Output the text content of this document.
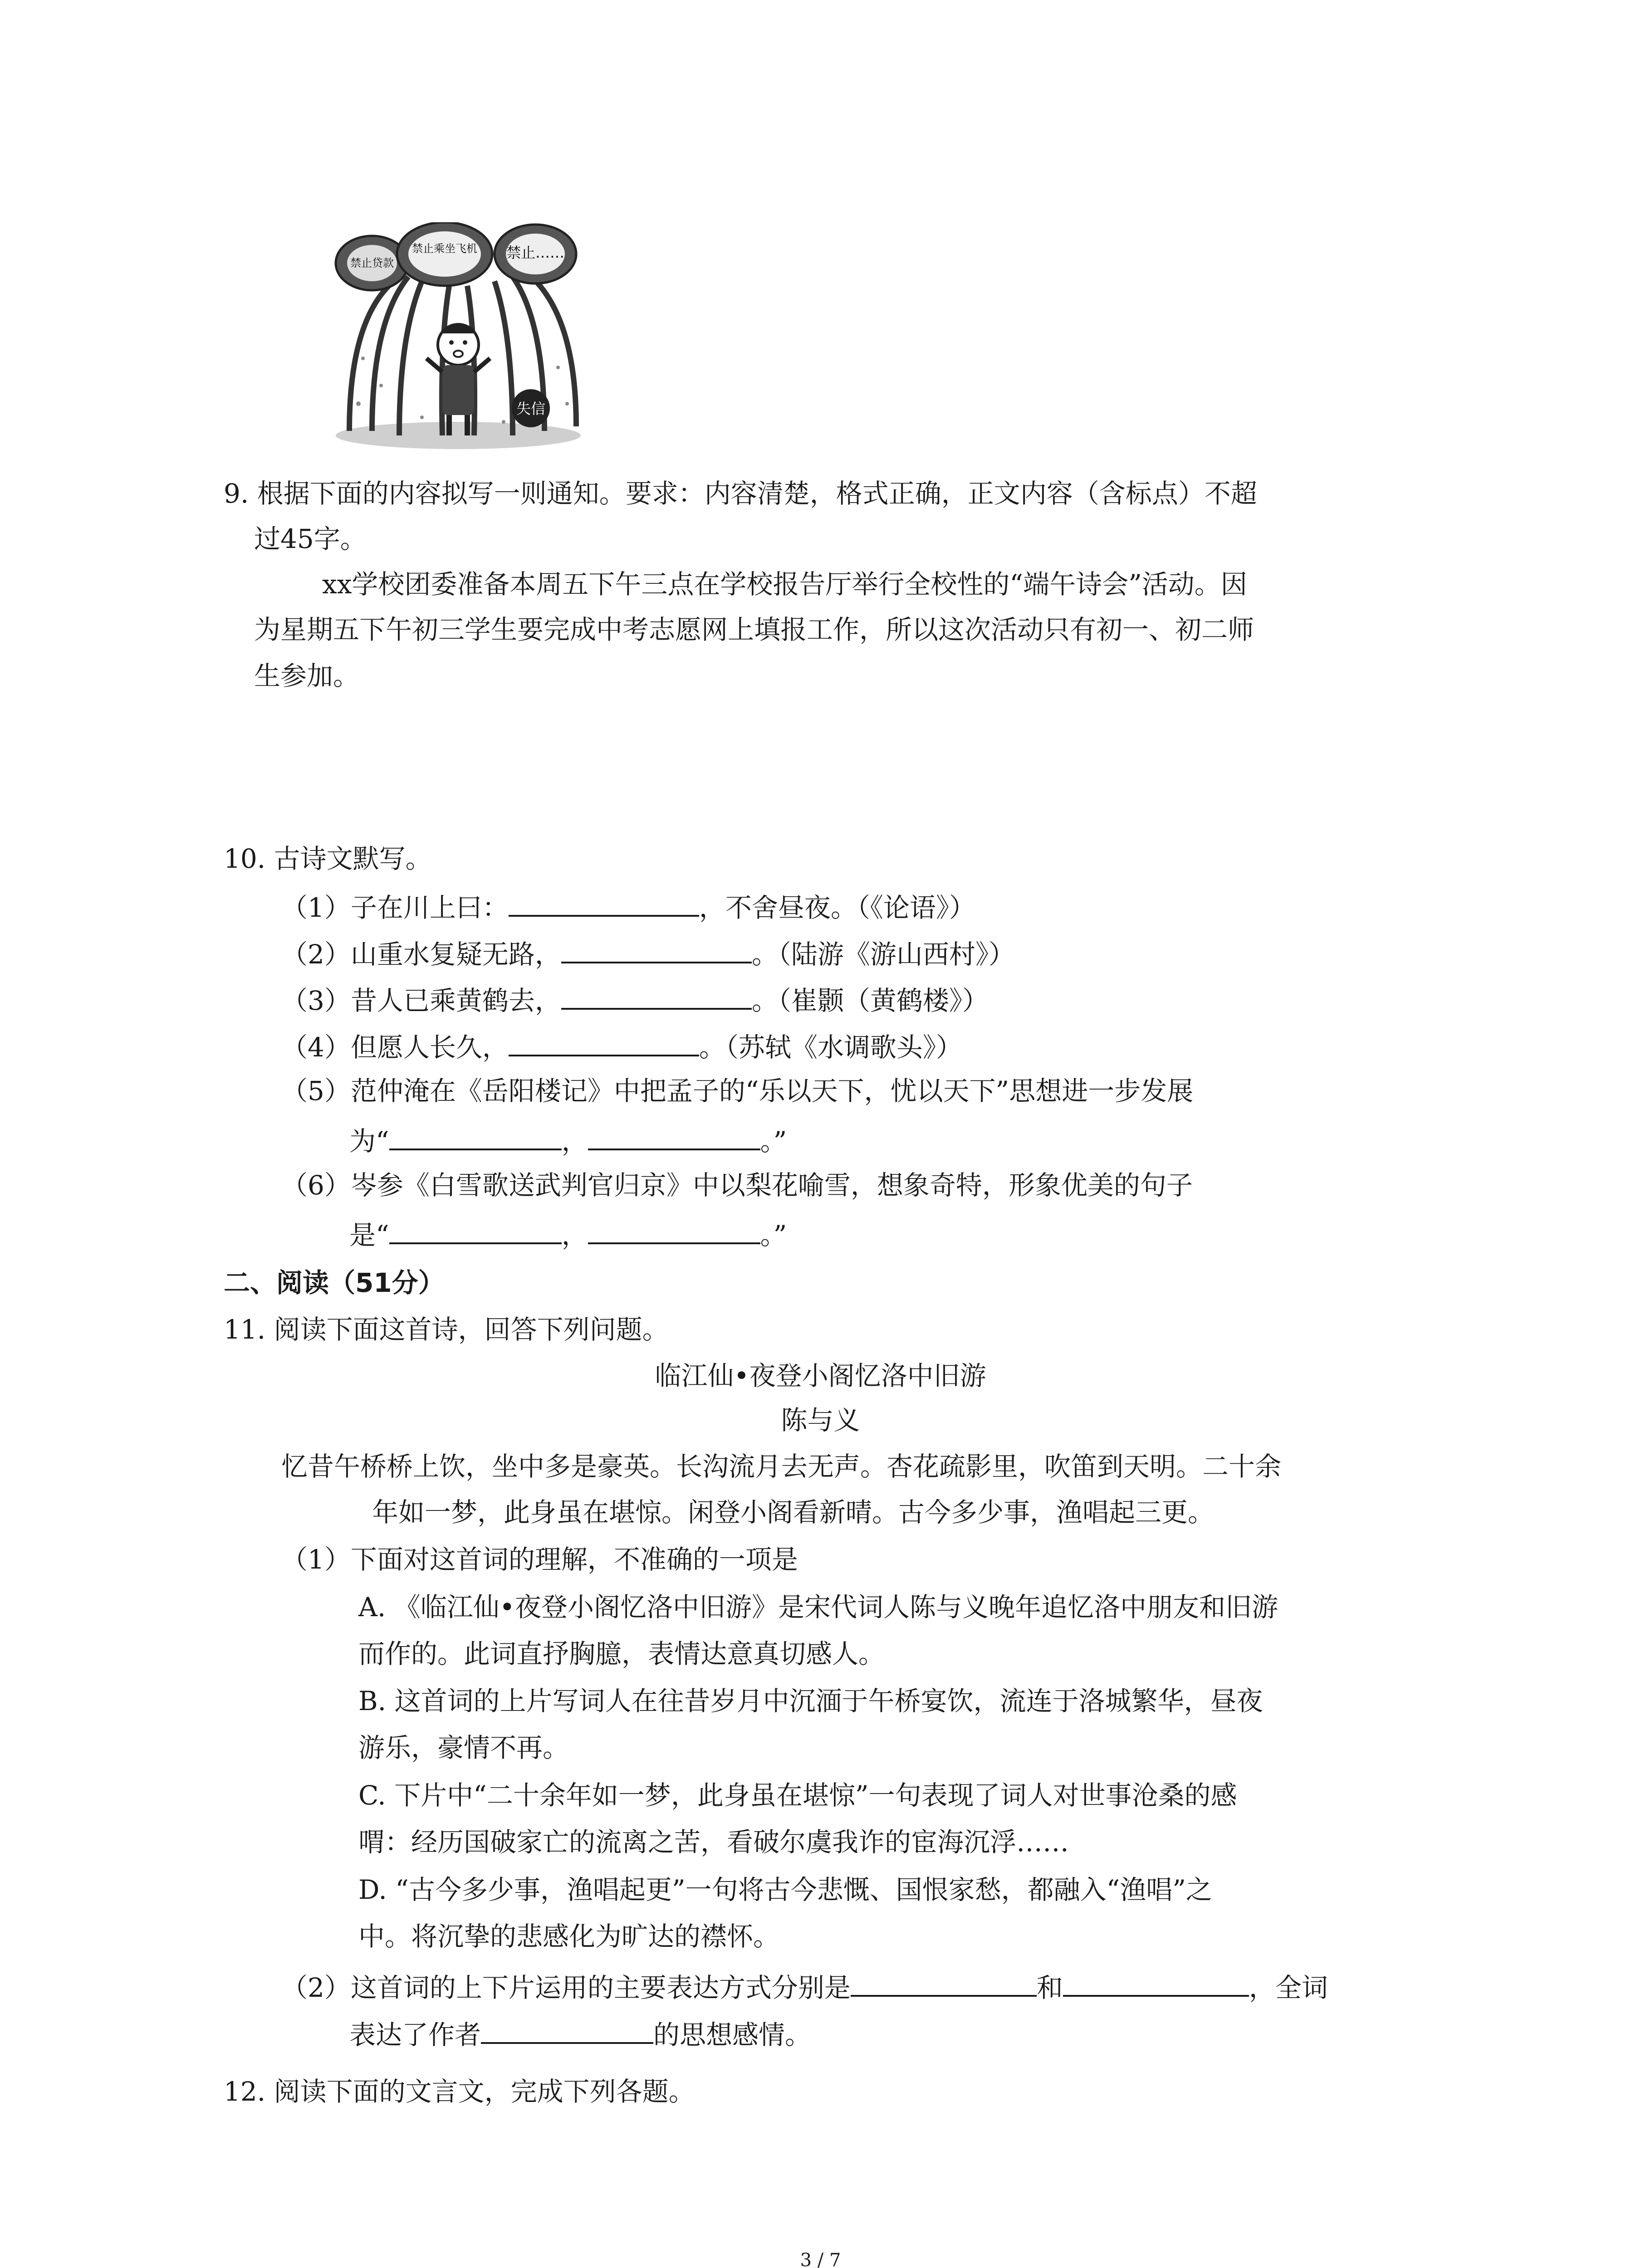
禁止贷款
禁止乘坐飞机 禁止……
失信
9. 根据下面的内容拟写一则通知。要求：内容清楚，格式正确，正文内容（含标点）不超
过45字。
xx学校团委准备本周五下午三点在学校报告厅举行全校性的“端午诗会”活动。因
为星期五下午初三学生要完成中考志愿网上填报工作，所以这次活动只有初一、初二师
生参加。
10. 古诗文默写。
（1）子在川上曰：	，不舍昼夜。（《论语》）
（2）山重水复疑无路，	。（陆游《游山西村》）
（3）昔人已乘黄鹤去，	。（崔颢（黄鹤楼》）
（4）但愿人长久，	。（苏轼《水调歌头》）
（5）范仲淹在《岳阳楼记》中把孟子的“乐以天下，忧以天下”思想进一步发展
为“	，	。”
（6）岑参《白雪歌送武判官归京》中以梨花喻雪，想象奇特，形象优美的句子
是“	，	。”
二、阅读（51分）
11. 阅读下面这首诗，回答下列问题。
临江仙•夜登小阁忆洛中旧游
陈与义
忆昔午桥桥上饮，坐中多是豪英。长沟流月去无声。杏花疏影里，吹笛到天明。二十余
年如一梦，此身虽在堪惊。闲登小阁看新晴。古今多少事，渔唱起三更。
（1）下面对这首词的理解，不准确的一项是
A. 《临江仙•夜登小阁忆洛中旧游》是宋代词人陈与义晚年追忆洛中朋友和旧游
而作的。此词直抒胸臆，表情达意真切感人。
B. 这首词的上片写词人在往昔岁月中沉湎于午桥宴饮，流连于洛城繁华，昼夜
游乐，豪情不再。
C. 下片中“二十余年如一梦，此身虽在堪惊”一句表现了词人对世事沧桑的感
喟：经历国破家亡的流离之苦，看破尔虞我诈的宦海沉浮……
D. “古今多少事，渔唱起更”一句将古今悲慨、国恨家愁，都融入“渔唱”之
中。将沉挚的悲感化为旷达的襟怀。
（2）这首词的上下片运用的主要表达方式分别是	和	，全词
表达了作者	的思想感情。
12. 阅读下面的文言文，完成下列各题。
3 / 7
